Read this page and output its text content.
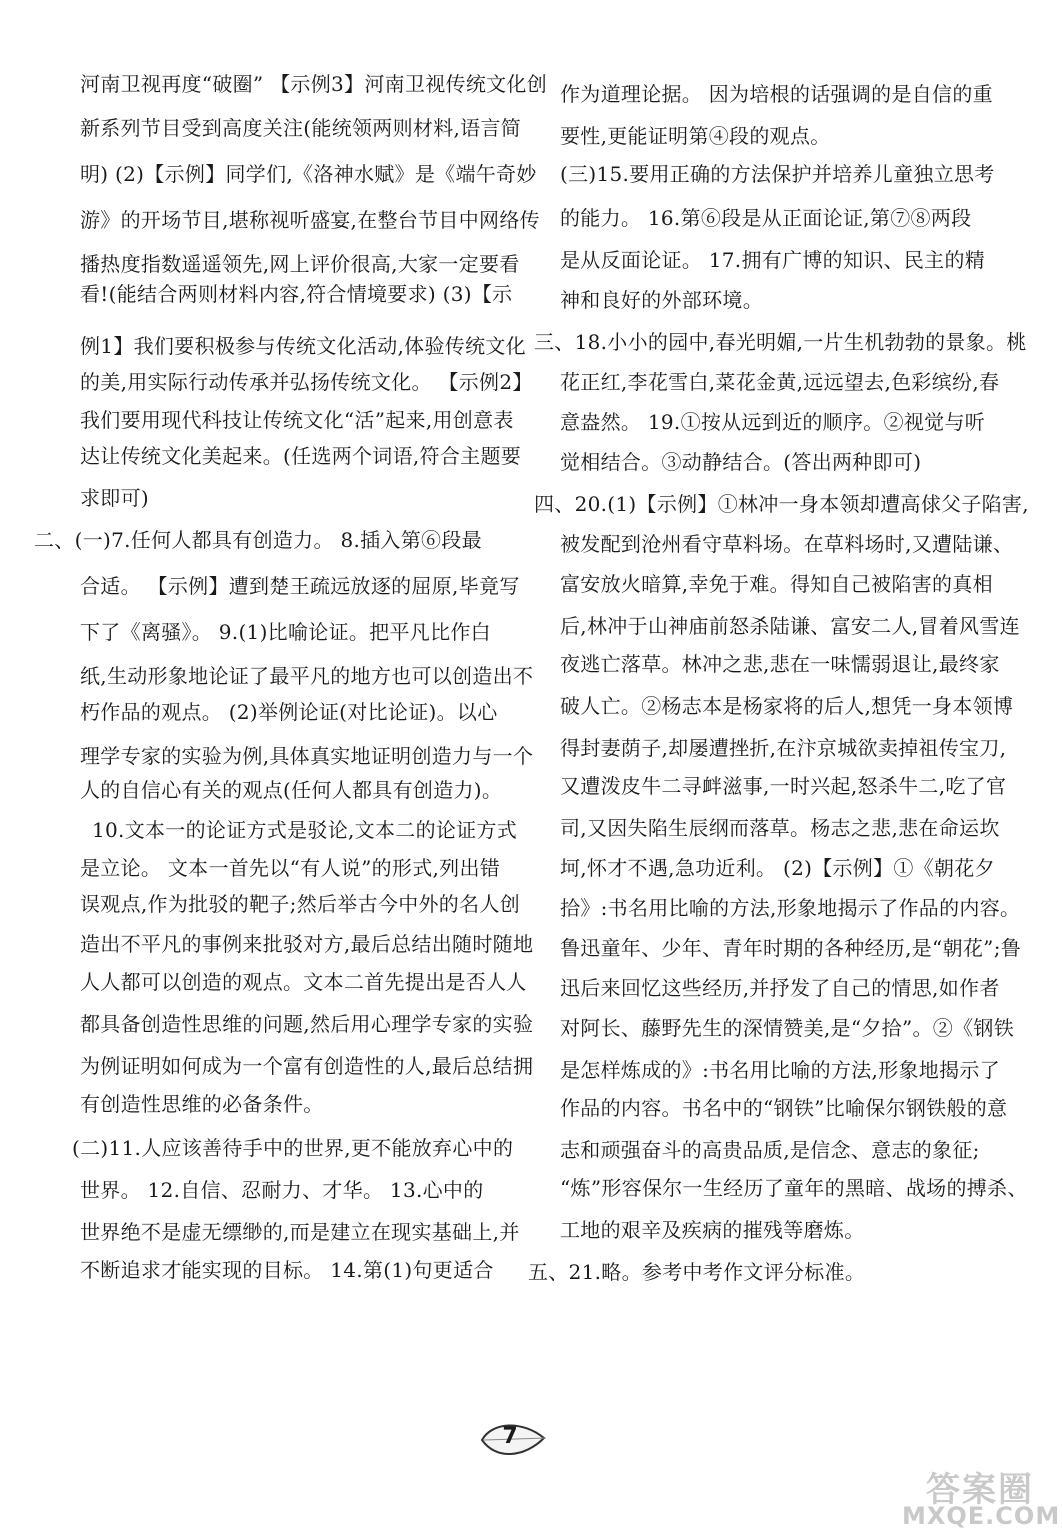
河南卫视再度“破圈” 【示例3】河南卫视传统文化创
新系列节目受到高度关注(能统领两则材料,语言简
明) (2)【示例】同学们,《洛神水赋》是《端午奇妙
游》的开场节目,堪称视听盛宴,在整台节目中网络传
播热度指数遥遥领先,网上评价很高,大家一定要看
看!(能结合两则材料内容,符合情境要求) (3)【示
例1】我们要积极参与传统文化活动,体验传统文化
的美,用实际行动传承并弘扬传统文化。 【示例2】
我们要用现代科技让传统文化“活”起来,用创意表
达让传统文化美起来。(任选两个词语,符合主题要
求即可)
二、(一)7.任何人都具有创造力。 8.插入第⑥段最
合适。 【示例】遭到楚王疏远放逐的屈原,毕竟写
下了《离骚》。 9.(1)比喻论证。把平凡比作白
纸,生动形象地论证了最平凡的地方也可以创造出不
朽作品的观点。 (2)举例论证(对比论证)。以心
理学专家的实验为例,具体真实地证明创造力与一个
人的自信心有关的观点(任何人都具有创造力)。
10.文本一的论证方式是驳论,文本二的论证方式
是立论。 文本一首先以“有人说”的形式,列出错
误观点,作为批驳的靶子;然后举古今中外的名人创
造出不平凡的事例来批驳对方,最后总结出随时随地
人人都可以创造的观点。文本二首先提出是否人人
都具备创造性思维的问题,然后用心理学专家的实验
为例证明如何成为一个富有创造性的人,最后总结拥
有创造性思维的必备条件。
(二)11.人应该善待手中的世界,更不能放弃心中的
世界。 12.自信、忍耐力、才华。 13.心中的
世界绝不是虚无缥缈的,而是建立在现实基础上,并
不断追求才能实现的目标。 14.第(1)句更适合
作为道理论据。 因为培根的话强调的是自信的重
要性,更能证明第④段的观点。
(三)15.要用正确的方法保护并培养儿童独立思考
的能力。 16.第⑥段是从正面论证,第⑦⑧两段
是从反面论证。 17.拥有广博的知识、民主的精
神和良好的外部环境。
三、18.小小的园中,春光明媚,一片生机勃勃的景象。桃
花正红,李花雪白,菜花金黄,远远望去,色彩缤纷,春
意盎然。 19.①按从远到近的顺序。②视觉与听
觉相结合。③动静结合。(答出两种即可)
四、20.(1)【示例】①林冲一身本领却遭高俅父子陷害,
被发配到沧州看守草料场。在草料场时,又遭陆谦、
富安放火暗算,幸免于难。得知自己被陷害的真相
后,林冲于山神庙前怒杀陆谦、富安二人,冒着风雪连
夜逃亡落草。林冲之悲,悲在一味懦弱退让,最终家
破人亡。②杨志本是杨家将的后人,想凭一身本领博
得封妻荫子,却屡遭挫折,在汴京城欲卖掉祖传宝刀,
又遭泼皮牛二寻衅滋事,一时兴起,怒杀牛二,吃了官
司,又因失陷生辰纲而落草。杨志之悲,悲在命运坎
坷,怀才不遇,急功近利。 (2)【示例】①《朝花夕
拾》:书名用比喻的方法,形象地揭示了作品的内容。
鲁迅童年、少年、青年时期的各种经历,是“朝花”;鲁
迅后来回忆这些经历,并抒发了自己的情思,如作者
对阿长、藤野先生的深情赞美,是“夕拾”。②《钢铁
是怎样炼成的》:书名用比喻的方法,形象地揭示了
作品的内容。书名中的“钢铁”比喻保尔钢铁般的意
志和顽强奋斗的高贵品质,是信念、意志的象征;
“炼”形容保尔一生经历了童年的黑暗、战场的搏杀、
工地的艰辛及疾病的摧残等磨炼。
五、21.略。参考中考作文评分标准。
7
答案圈
MXQE.COM
